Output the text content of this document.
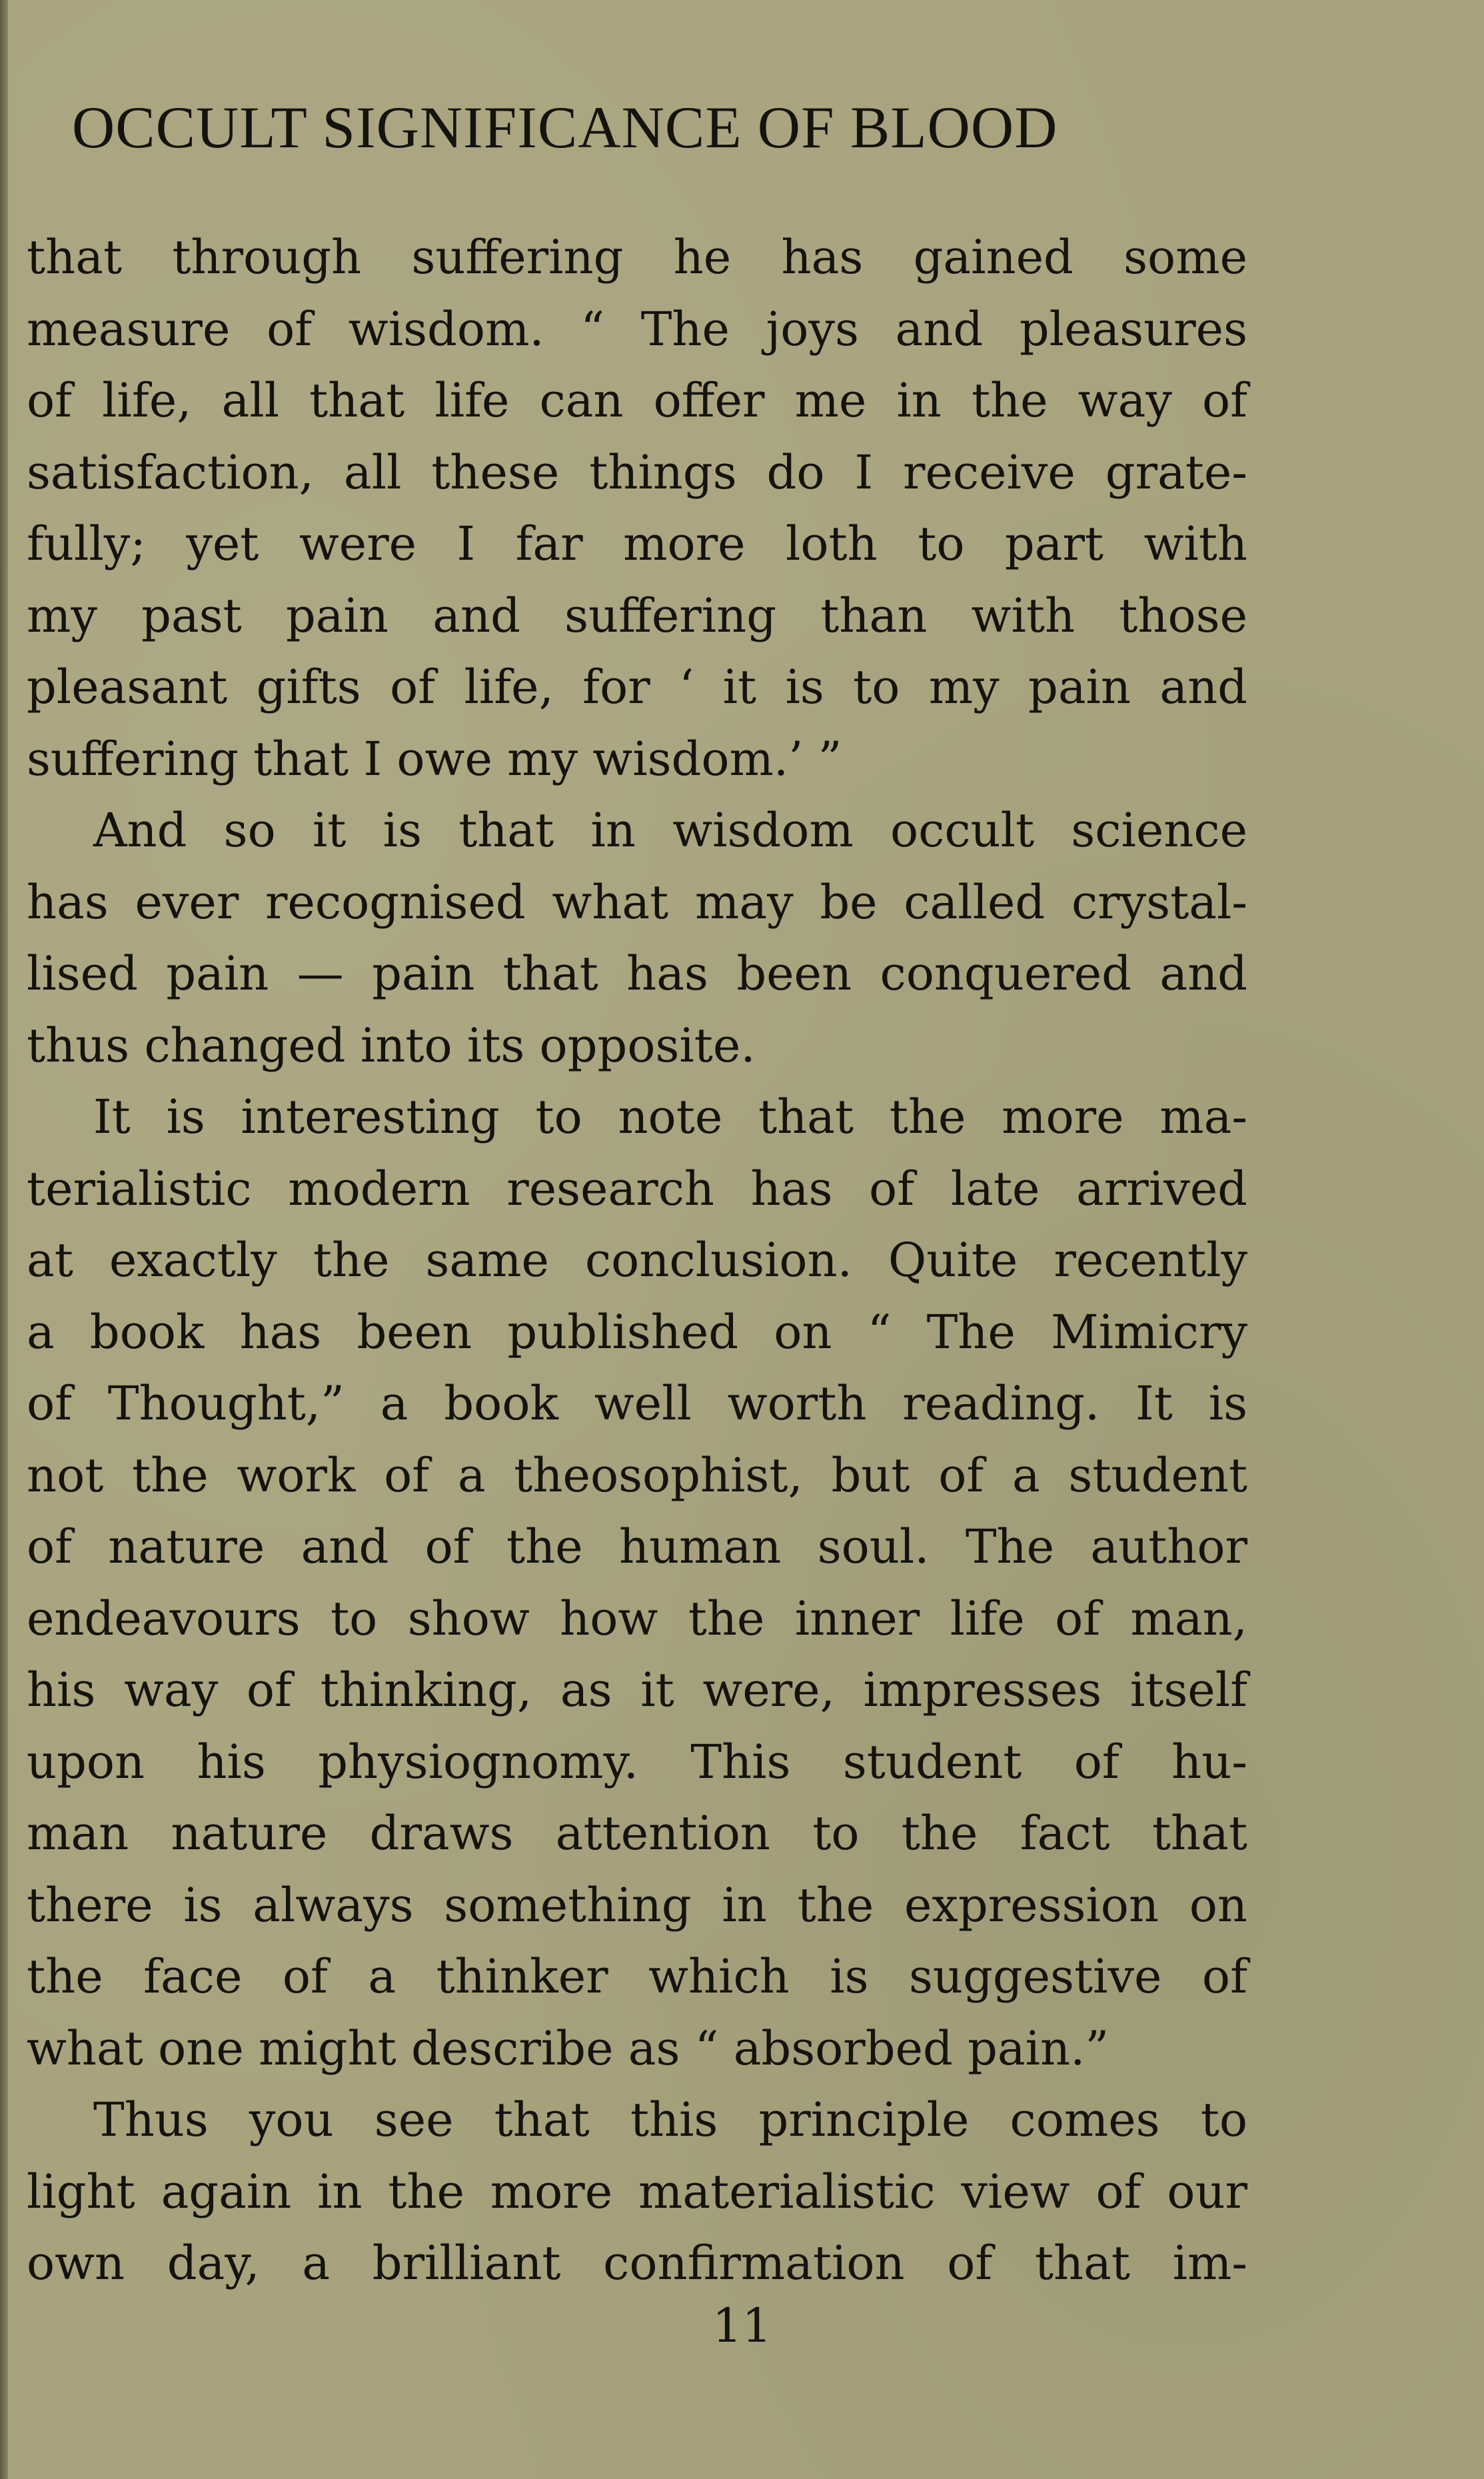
OCCULT SIGNIFICANCE OF BLOOD
that through suffering he has gained some
measure of wisdom. “ The joys and pleasures
of life, all that life can offer me in the way of
satisfaction, all these things do I receive grate-
fully; yet were I far more loth to part with
my past pain and suffering than with those
pleasant gifts of life, for ‘ it is to my pain and
suffering that I owe my wisdom.’ ”
And so it is that in wisdom occult science
has ever recognised what may be called crystal-
lised pain — pain that has been conquered and
thus changed into its opposite.
It is interesting to note that the more ma-
terialistic modern research has of late arrived
at exactly the same conclusion. Quite recently
a book has been published on “ The Mimicry
of Thought,” a book well worth reading. It is
not the work of a theosophist, but of a student
of nature and of the human soul. The author
endeavours to show how the inner life of man,
his way of thinking, as it were, impresses itself
upon his physiognomy. This student of hu-
man nature draws attention to the fact that
there is always something in the expression on
the face of a thinker which is suggestive of
what one might describe as “ absorbed pain.”
Thus you see that this principle comes to
light again in the more materialistic view of our
own day, a brilliant confirmation of that im-

11
